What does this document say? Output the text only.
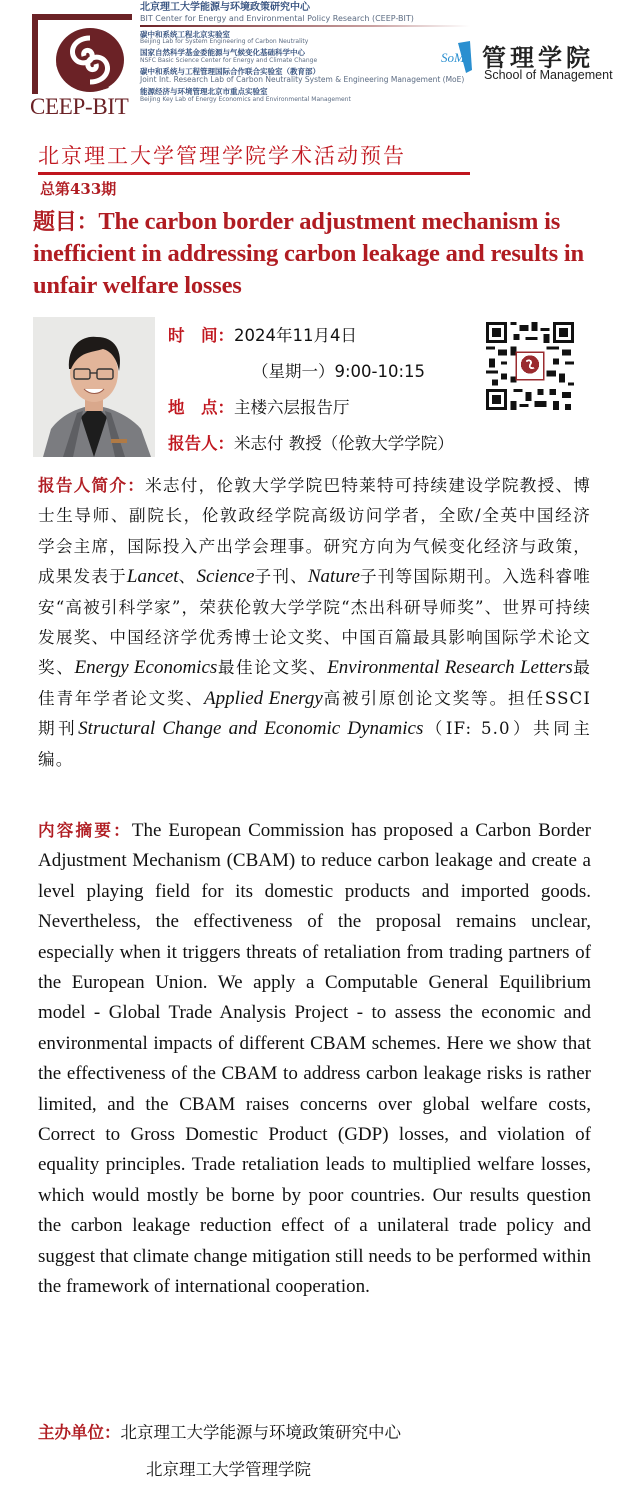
CEEP-BIT
北京理工大学能源与环境政策研究中心
BIT Center for Energy and Environmental Policy Research (CEEP-BIT)
碳中和系统工程北京实验室
Beijing Lab for System Engineering of Carbon Neutrality
国家自然科学基金委能源与气候变化基础科学中心
NSFC Basic Science Center for Energy and Climate Change
碳中和系统与工程管理国际合作联合实验室（教育部）
Joint Int. Research Lab of Carbon Neutrality System & Engineering Management (MoE)
能源经济与环境管理北京市重点实验室
Beijing Key Lab of Energy Economics and Environmental Management
SoM 管理学院
School of Management
北京理工大学管理学院学术活动预告
总第433期
题目：The carbon border adjustment mechanism is inefficient in addressing carbon leakage and results in unfair welfare losses
时　间：2024年11月4日
（星期一）9:00-10:15
地　点：主楼六层报告厅
报告人：米志付 教授（伦敦大学学院）
报告人简介：米志付，伦敦大学学院巴特莱特可持续建设学院教授、博士生导师、副院长，伦敦政经学院高级访问学者，全欧/全英中国经济学会主席，国际投入产出学会理事。研究方向为气候变化经济与政策，成果发表于Lancet、Science子刊、Nature子刊等国际期刊。入选科睿唯安“高被引科学家”，荣获伦敦大学学院“杰出科研导师奖”、世界可持续发展奖、中国经济学优秀博士论文奖、中国百篇最具影响国际学术论文奖、Energy Economics最佳论文奖、Environmental Research Letters最佳青年学者论文奖、Applied Energy高被引原创论文奖等。担任SSCI期刊Structural Change and Economic Dynamics（IF: 5.0）共同主编。
内容摘要：The European Commission has proposed a Carbon Border Adjustment Mechanism (CBAM) to reduce carbon leakage and create a level playing field for its domestic products and imported goods. Nevertheless, the effectiveness of the proposal remains unclear, especially when it triggers threats of retaliation from trading partners of the European Union. We apply a Computable General Equilibrium model - Global Trade Analysis Project - to assess the economic and environmental impacts of different CBAM schemes. Here we show that the effectiveness of the CBAM to address carbon leakage risks is rather limited, and the CBAM raises concerns over global welfare costs, Correct to Gross Domestic Product (GDP) losses, and violation of equality principles. Trade retaliation leads to multiplied welfare losses, which would mostly be borne by poor countries. Our results question the carbon leakage reduction effect of a unilateral trade policy and suggest that climate change mitigation still needs to be performed within the framework of international cooperation.
主办单位：北京理工大学能源与环境政策研究中心
北京理工大学管理学院
